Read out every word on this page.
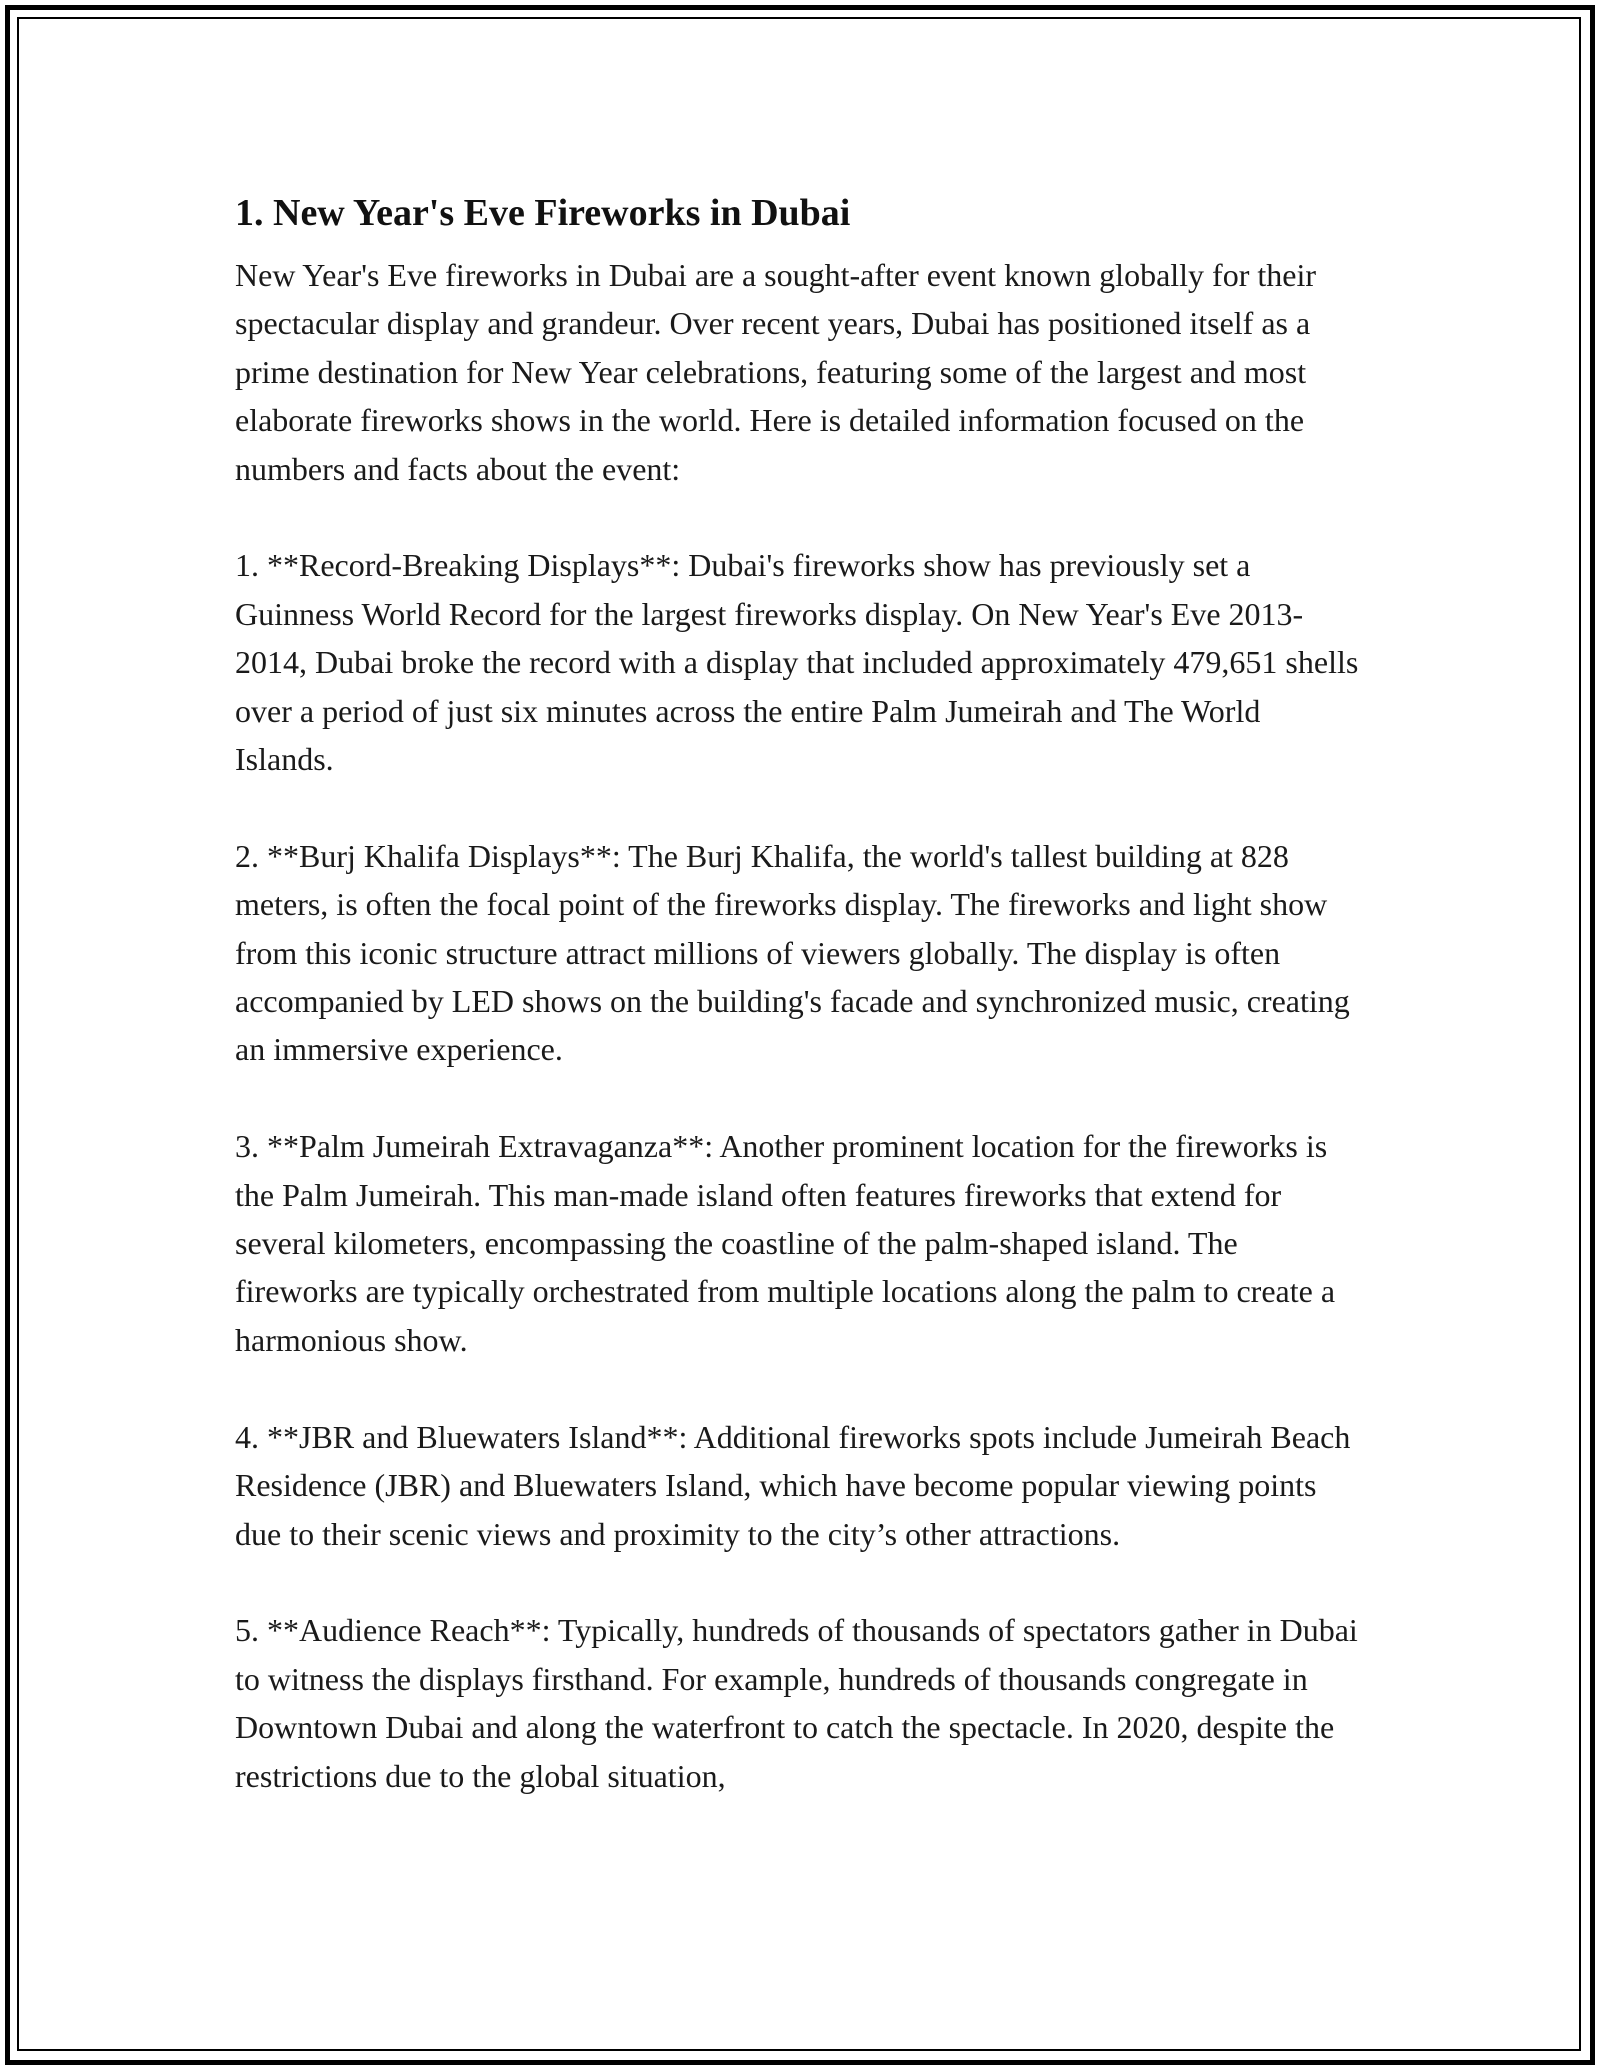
1. New Year's Eve Fireworks in Dubai

New Year's Eve fireworks in Dubai are a sought-after event known globally for their spectacular display and grandeur. Over recent years, Dubai has positioned itself as a prime destination for New Year celebrations, featuring some of the largest and most elaborate fireworks shows in the world. Here is detailed information focused on the numbers and facts about the event:

1. **Record-Breaking Displays**: Dubai's fireworks show has previously set a Guinness World Record for the largest fireworks display. On New Year's Eve 2013-2014, Dubai broke the record with a display that included approximately 479,651 shells over a period of just six minutes across the entire Palm Jumeirah and The World Islands.

2. **Burj Khalifa Displays**: The Burj Khalifa, the world's tallest building at 828 meters, is often the focal point of the fireworks display. The fireworks and light show from this iconic structure attract millions of viewers globally. The display is often accompanied by LED shows on the building's facade and synchronized music, creating an immersive experience.

3. **Palm Jumeirah Extravaganza**: Another prominent location for the fireworks is the Palm Jumeirah. This man-made island often features fireworks that extend for several kilometers, encompassing the coastline of the palm-shaped island. The fireworks are typically orchestrated from multiple locations along the palm to create a harmonious show.

4. **JBR and Bluewaters Island**: Additional fireworks spots include Jumeirah Beach Residence (JBR) and Bluewaters Island, which have become popular viewing points due to their scenic views and proximity to the city’s other attractions.

5. **Audience Reach**: Typically, hundreds of thousands of spectators gather in Dubai to witness the displays firsthand. For example, hundreds of thousands congregate in Downtown Dubai and along the waterfront to catch the spectacle. In 2020, despite the restrictions due to the global situation,
